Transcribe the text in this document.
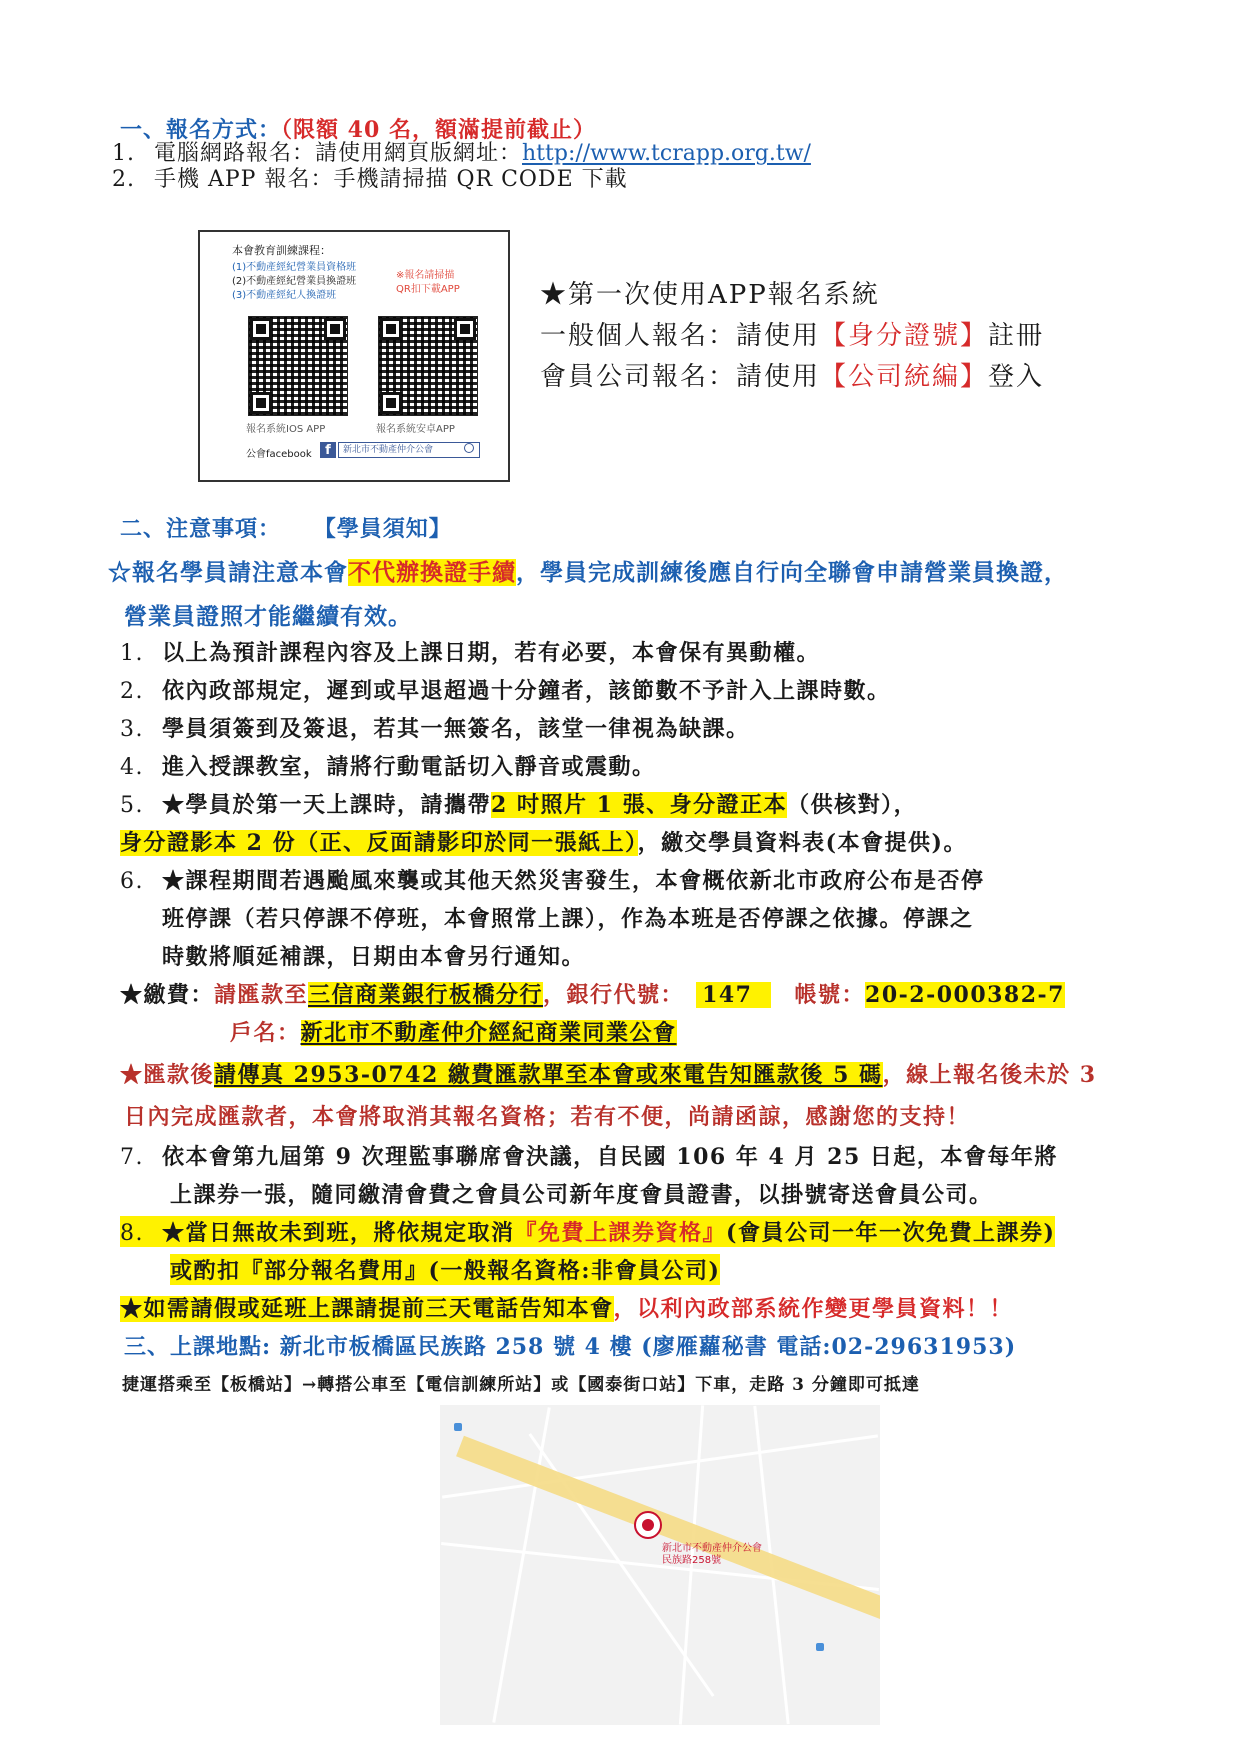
一、報名方式：（限額 40 名，額滿提前截止）
1. 電腦網路報名：請使用網頁版網址：http://www.tcrapp.org.tw/
2. 手機 APP 報名：手機請掃描 QR CODE 下載
本會教育訓練課程：
(1)不動產經紀營業員資格班
(2)不動產經紀營業員換證班
(3)不動產經紀人換證班
※報名請掃描
QR扣下載APP
報名系統IOS APP	報名系統安卓APP
公會facebook	f	新北市不動產仲介公會
★第一次使用APP報名系統
一般個人報名：請使用【身分證號】註冊
會員公司報名：請使用【公司統編】登入
二、注意事項： 【學員須知】
☆報名學員請注意本會不代辦換證手續，學員完成訓練後應自行向全聯會申請營業員換證，
營業員證照才能繼續有效。
1. 以上為預計課程內容及上課日期，若有必要，本會保有異動權。
2. 依內政部規定，遲到或早退超過十分鐘者，該節數不予計入上課時數。
3. 學員須簽到及簽退，若其一無簽名，該堂一律視為缺課。
4. 進入授課教室，請將行動電話切入靜音或震動。
5. ★學員於第一天上課時，請攜帶2 吋照片 1 張、身分證正本（供核對），
身分證影本 2 份（正、反面請影印於同一張紙上），繳交學員資料表(本會提供)。
6. ★課程期間若遇颱風來襲或其他天然災害發生，本會概依新北市政府公布是否停
班停課（若只停課不停班，本會照常上課），作為本班是否停課之依據。停課之
時數將順延補課，日期由本會另行通知。
★繳費：請匯款至三信商業銀行板橋分行，銀行代號： 147 帳號：20-2-000382-7
戶名：新北市不動產仲介經紀商業同業公會
★匯款後請傳真 2953-0742 繳費匯款單至本會或來電告知匯款後 5 碼，線上報名後未於 3
日內完成匯款者，本會將取消其報名資格；若有不便，尚請函諒，感謝您的支持！
7. 依本會第九屆第 9 次理監事聯席會決議，自民國 106 年 4 月 25 日起，本會每年將
上課券一張，隨同繳清會費之會員公司新年度會員證書，以掛號寄送會員公司。
8. ★當日無故未到班，將依規定取消『免費上課券資格』(會員公司一年一次免費上課券)
或酌扣『部分報名費用』(一般報名資格:非會員公司)
★如需請假或延班上課請提前三天電話告知本會，以利內政部系統作變更學員資料！！
三、上課地點: 新北市板橋區民族路 258 號 4 樓 (廖雁蘿秘書 電話:02-29631953)
捷運搭乘至【板橋站】→轉搭公車至【電信訓練所站】或【國泰街口站】下車，走路 3 分鐘即可抵達
新北市不動產仲介公會
民族路258號
